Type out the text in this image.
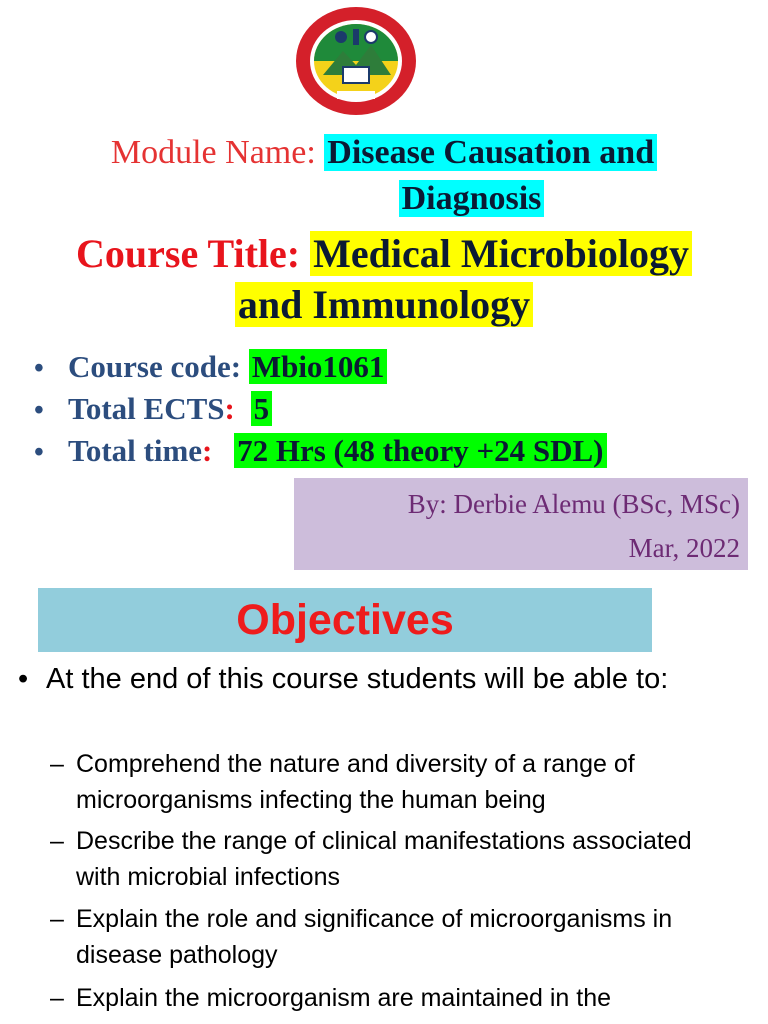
Module Name: Disease Causation and
Diagnosis
Course Title: Medical Microbiology
and Immunology
• Course code: Mbio1061
• Total ECTS: 5
• Total time: 72 Hrs (48 theory +24 SDL)
By: Derbie Alemu (BSc, MSc)
Mar, 2022
Objectives
• At the end of this course students will be able to:
– Comprehend the nature and diversity of a range of microorganisms infecting the human being
– Describe the range of clinical manifestations associated with microbial infections
– Explain the role and significance of microorganisms in disease pathology
– Explain the microorganism are maintained in the
